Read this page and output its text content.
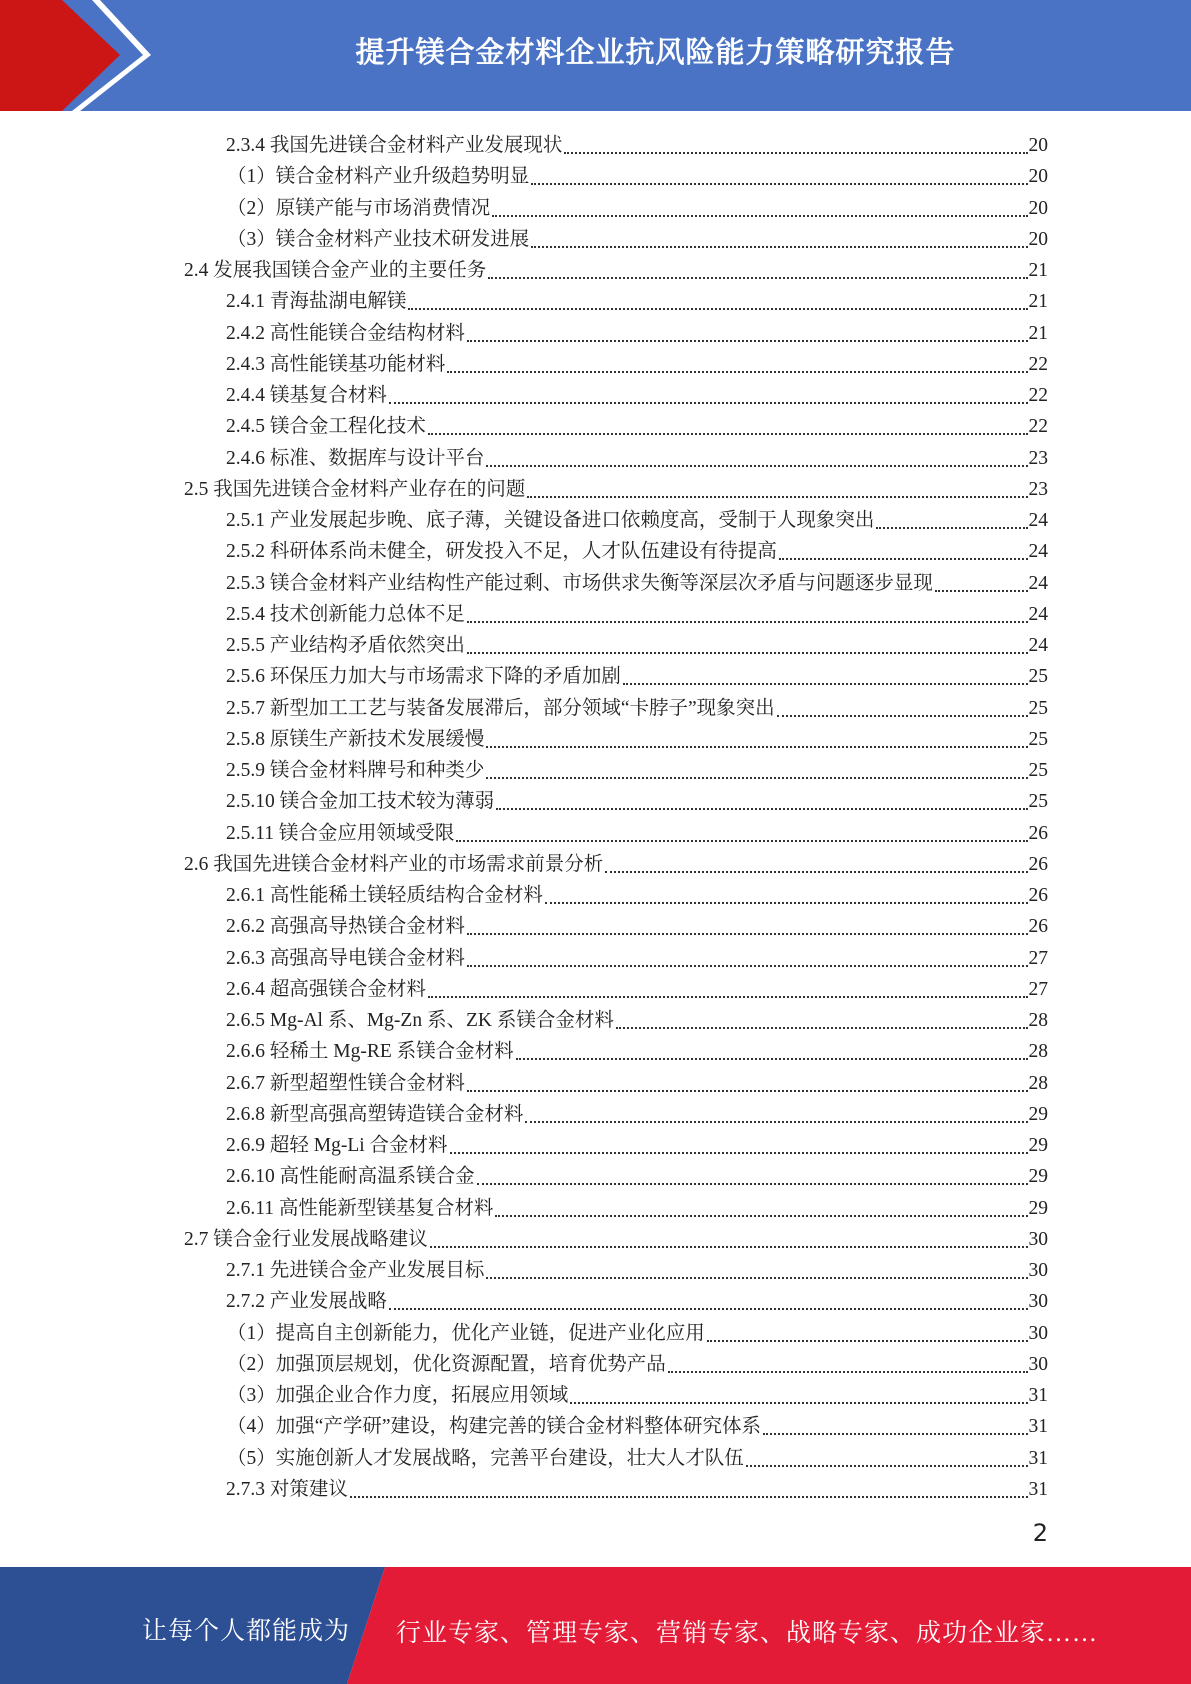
提升镁合金材料企业抗风险能力策略研究报告
2.3.4 我国先进镁合金材料产业发展现状	20
（1）镁合金材料产业升级趋势明显	20
（2）原镁产能与市场消费情况	20
（3）镁合金材料产业技术研发进展	20
2.4 发展我国镁合金产业的主要任务	21
2.4.1 青海盐湖电解镁	21
2.4.2 高性能镁合金结构材料	21
2.4.3 高性能镁基功能材料	22
2.4.4 镁基复合材料	22
2.4.5 镁合金工程化技术	22
2.4.6 标准、数据库与设计平台	23
2.5 我国先进镁合金材料产业存在的问题	23
2.5.1 产业发展起步晚、底子薄，关键设备进口依赖度高，受制于人现象突出	24
2.5.2 科研体系尚未健全，研发投入不足，人才队伍建设有待提高	24
2.5.3 镁合金材料产业结构性产能过剩、市场供求失衡等深层次矛盾与问题逐步显现	24
2.5.4 技术创新能力总体不足	24
2.5.5 产业结构矛盾依然突出	24
2.5.6 环保压力加大与市场需求下降的矛盾加剧	25
2.5.7 新型加工工艺与装备发展滞后，部分领域“卡脖子”现象突出	25
2.5.8 原镁生产新技术发展缓慢	25
2.5.9 镁合金材料牌号和种类少	25
2.5.10 镁合金加工技术较为薄弱	25
2.5.11 镁合金应用领域受限	26
2.6 我国先进镁合金材料产业的市场需求前景分析	26
2.6.1 高性能稀土镁轻质结构合金材料	26
2.6.2 高强高导热镁合金材料	26
2.6.3 高强高导电镁合金材料	27
2.6.4 超高强镁合金材料	27
2.6.5 Mg-Al 系、Mg-Zn 系、ZK 系镁合金材料	28
2.6.6 轻稀土 Mg-RE 系镁合金材料	28
2.6.7 新型超塑性镁合金材料	28
2.6.8 新型高强高塑铸造镁合金材料	29
2.6.9 超轻 Mg-Li 合金材料	29
2.6.10 高性能耐高温系镁合金	29
2.6.11 高性能新型镁基复合材料	29
2.7 镁合金行业发展战略建议	30
2.7.1 先进镁合金产业发展目标	30
2.7.2 产业发展战略	30
（1）提高自主创新能力，优化产业链，促进产业化应用	30
（2）加强顶层规划，优化资源配置，培育优势产品	30
（3）加强企业合作力度，拓展应用领域	31
（4）加强“产学研”建设，构建完善的镁合金材料整体研究体系	31
（5）实施创新人才发展战略，完善平台建设，壮大人才队伍	31
2.7.3 对策建议	31
2
让每个人都能成为 行业专家、管理专家、营销专家、战略专家、成功企业家……
